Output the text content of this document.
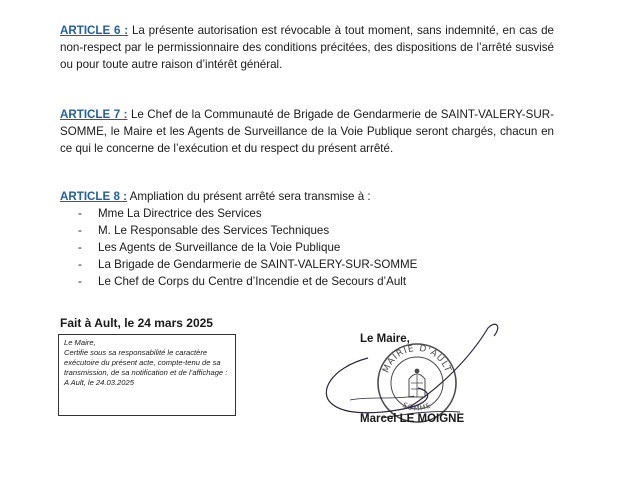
ARTICLE 6 : La présente autorisation est révocable à tout moment, sans indemnité, en cas de non-respect par le permissionnaire des conditions précitées, des dispositions de l’arrêté susvisé ou pour toute autre raison d’intérêt général.
ARTICLE 7 : Le Chef de la Communauté de Brigade de Gendarmerie de SAINT-VALERY-SUR-SOMME, le Maire et les Agents de Surveillance de la Voie Publique seront chargés, chacun en ce qui le concerne de l’exécution et du respect du présent arrêté.
ARTICLE 8 : Ampliation du présent arrêté sera transmise à :
- Mme La Directrice des Services
- M. Le Responsable des Services Techniques
- Les Agents de Surveillance de la Voie Publique
- La Brigade de Gendarmerie de SAINT-VALERY-SUR-SOMME
- Le Chef de Corps du Centre d’Incendie et de Secours d’Ault
Fait à Ault, le 24 mars 2025

Le Maire,

Certifie sous sa responsabilité le caractère exécutoire du présent acte, compte-tenu de sa transmission, de sa notification et de l’affichage :

A Ault, le 24.03.2025

MAIRIE D'AULT
SOMME
Le Maire,
Marcel LE MOIGNE
